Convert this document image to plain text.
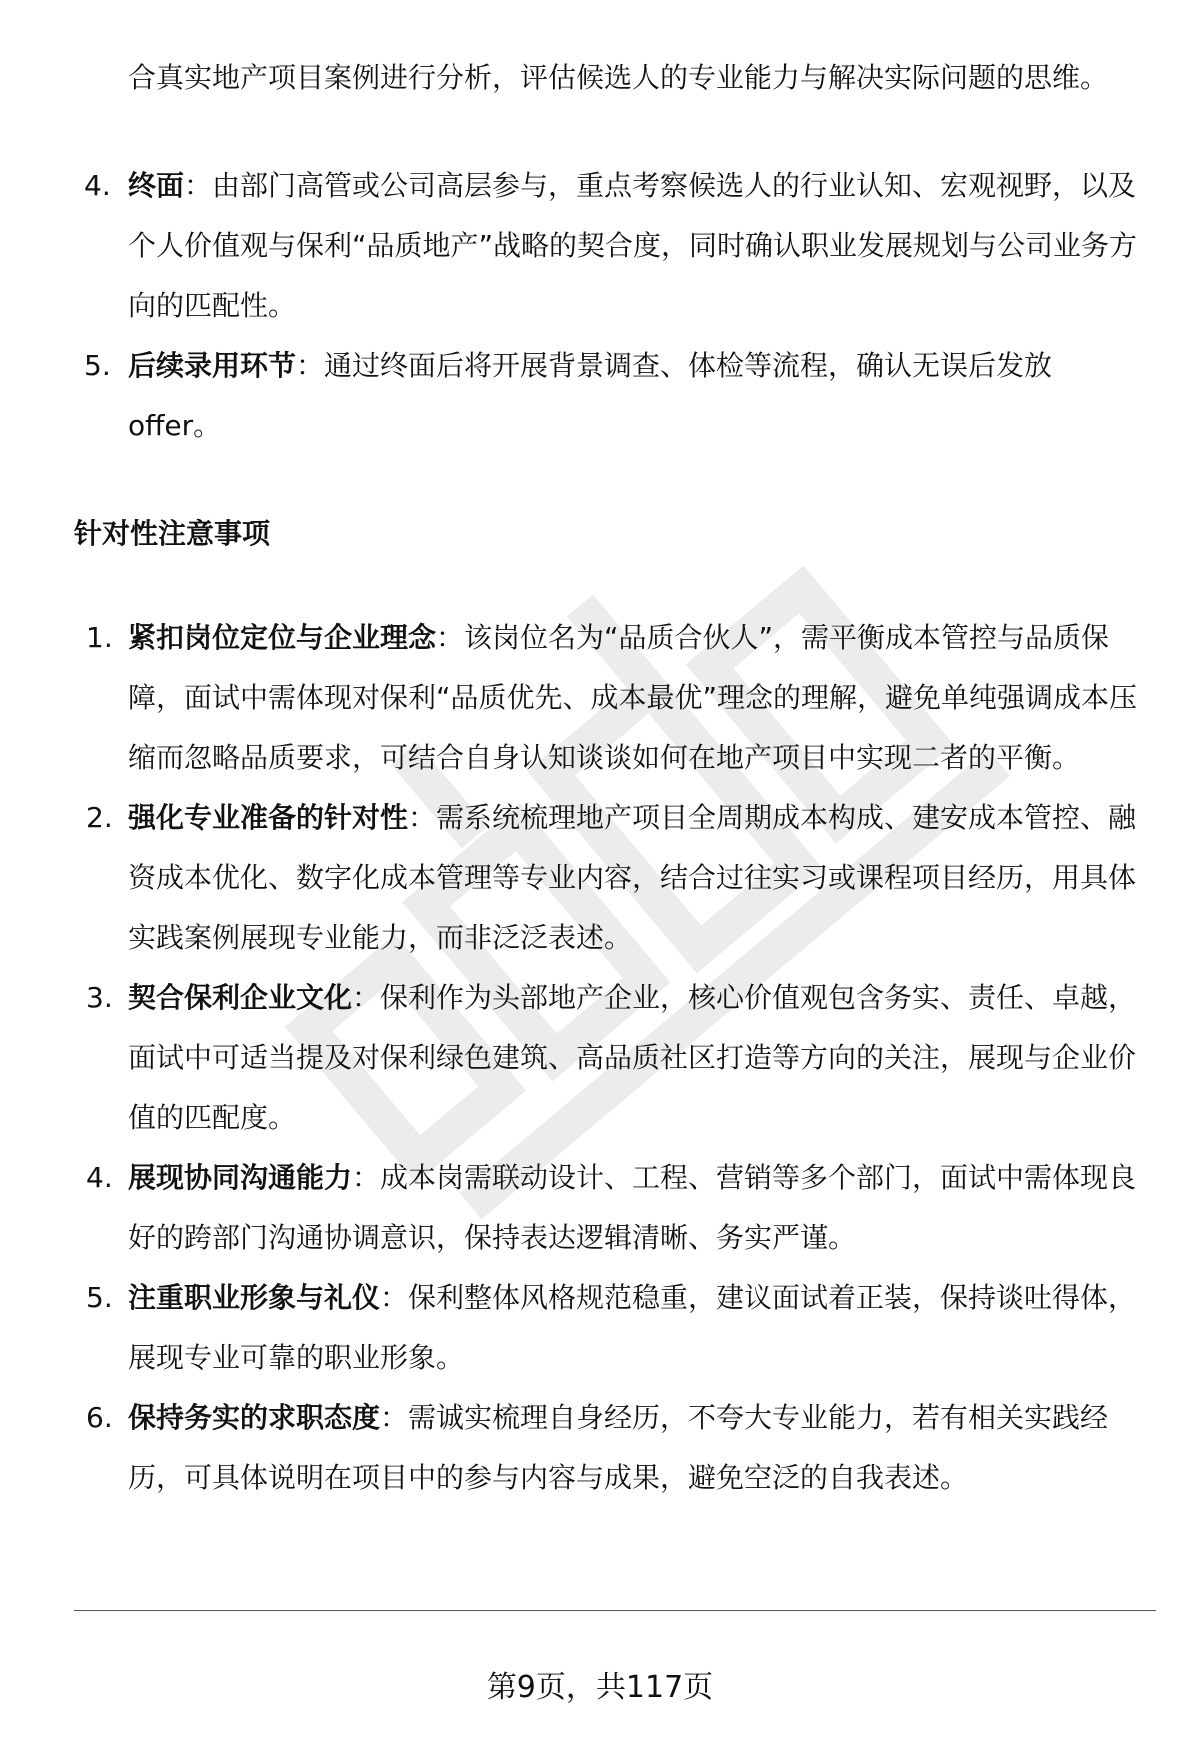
合真实地产项目案例进行分析，评估候选人的专业能力与解决实际问题的思维。
4. 终面：由部门高管或公司高层参与，重点考察候选人的行业认知、宏观视野，以及个人价值观与保利“品质地产”战略的契合度，同时确认职业发展规划与公司业务方向的匹配性。
5. 后续录用环节：通过终面后将开展背景调查、体检等流程，确认无误后发放offer。
针对性注意事项
1. 紧扣岗位定位与企业理念：该岗位名为“品质合伙人”，需平衡成本管控与品质保障，面试中需体现对保利“品质优先、成本最优”理念的理解，避免单纯强调成本压缩而忽略品质要求，可结合自身认知谈谈如何在地产项目中实现二者的平衡。
2. 强化专业准备的针对性：需系统梳理地产项目全周期成本构成、建安成本管控、融资成本优化、数字化成本管理等专业内容，结合过往实习或课程项目经历，用具体实践案例展现专业能力，而非泛泛表述。
3. 契合保利企业文化：保利作为头部地产企业，核心价值观包含务实、责任、卓越，面试中可适当提及对保利绿色建筑、高品质社区打造等方向的关注，展现与企业价值的匹配度。
4. 展现协同沟通能力：成本岗需联动设计、工程、营销等多个部门，面试中需体现良好的跨部门沟通协调意识，保持表达逻辑清晰、务实严谨。
5. 注重职业形象与礼仪：保利整体风格规范稳重，建议面试着正装，保持谈吐得体，展现专业可靠的职业形象。
6. 保持务实的求职态度：需诚实梳理自身经历，不夸大专业能力，若有相关实践经历，可具体说明在项目中的参与内容与成果，避免空泛的自我表述。
第9页，共117页
